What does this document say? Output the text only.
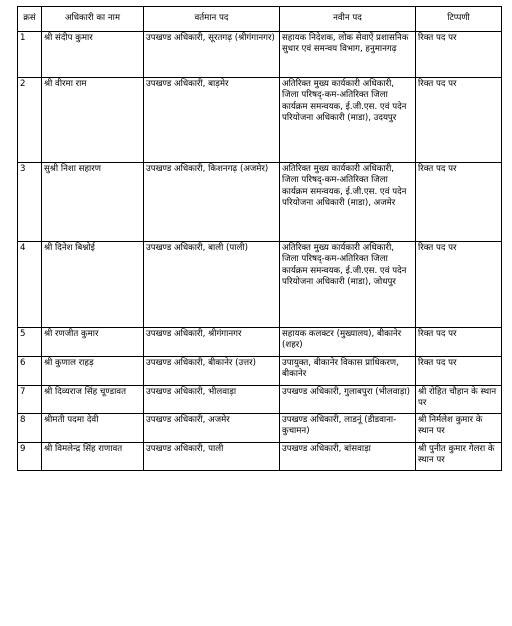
क्रसं	अधिकारी का नाम	वर्तमान पद	नवीन पद	टिप्पणी
1	श्री संदीप कुमार	उपखण्ड अधिकारी, सूरतगढ़ (श्रीगंगानगर)	सहायक निदेशक, लोक सेवाऐं प्रशासनिक सुधार एवं समन्वय विभाग, हनुमानगढ़	रिक्त पद पर
2	श्री वीरमा राम	उपखण्ड अधिकारी, बाड़मेर	अतिरिक्त मुख्य कार्यकारी अधिकारी, जिला परिषद्-कम-अतिरिक्त जिला कार्यक्रम समन्वयक, ई.जी.एस. एवं पदेन परियोजना अधिकारी (माडा), उदयपुर	रिक्त पद पर
3	सुश्री निशा सहारण	उपखण्ड अधिकारी, किशनगढ़ (अजमेर)	अतिरिक्त मुख्य कार्यकारी अधिकारी, जिला परिषद्-कम-अतिरिक्त जिला कार्यक्रम समन्वयक, ई.जी.एस. एवं पदेन परियोजना अधिकारी (माडा), अजमेर	रिक्त पद पर
4	श्री दिनेश बिश्नोई	उपखण्ड अधिकारी, बाली (पाली)	अतिरिक्त मुख्य कार्यकारी अधिकारी, जिला परिषद्-कम-अतिरिक्त जिला कार्यक्रम समन्वयक, ई.जी.एस. एवं पदेन परियोजना अधिकारी (माडा), जोधपुर	रिक्त पद पर
5	श्री रणजीत कुमार	उपखण्ड अधिकारी, श्रीगंगानगर	सहायक कलक्टर (मुख्यालय), बीकानेर (शहर)	रिक्त पद पर
6	श्री कुणाल राहड़	उपखण्ड अधिकारी, बीकानेर (उत्तर)	उपायुक्त, बीकानेर विकास प्राधिकरण, बीकानेर	रिक्त पद पर
7	श्री दिव्यराज सिंह चूण्डावत	उपखण्ड अधिकारी, भीलवाड़ा	उपखण्ड अधिकारी, गुलाबपुरा (भीलवाड़ा)	श्री रोहित चौहान के स्थान पर
8	श्रीमती पदमा देवी	उपखण्ड अधिकारी, अजमेर	उपखण्ड अधिकारी, लाडनूं (डीडवाना-कुचामन)	श्री निर्मलेश कुमार के स्थान पर
9	श्री विमलेन्द्र सिंह राणावत	उपखण्ड अधिकारी, पाली	उपखण्ड अधिकारी, बांसवाड़ा	श्री पुनीत कुमार गेलरा के स्थान पर
